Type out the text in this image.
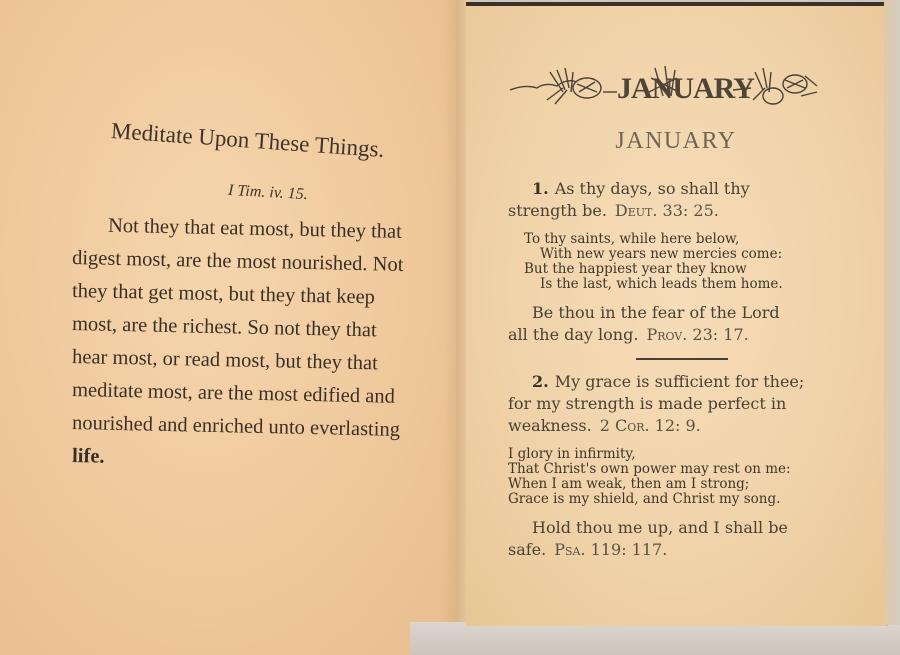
Meditate Upon These Things.
I Tim. iv. 15.
Not they that eat most, but they that
digest most, are the most nourished. Not
they that get most, but they that keep
most, are the richest. So not they that
hear most, or read most, but they that
meditate most, are the most edified and
nourished and enriched unto everlasting
life.
JANUARY
JANUARY
1. As thy days, so shall thy
strength be. Deut. 33: 25.
To thy saints, while here below,
With new years new mercies come:
But the happiest year they know
Is the last, which leads them home.
Be thou in the fear of the Lord
all the day long. Prov. 23: 17.
2. My grace is sufficient for thee;
for my strength is made perfect in
weakness. 2 Cor. 12: 9.
I glory in infirmity,
That Christ's own power may rest on me:
When I am weak, then am I strong;
Grace is my shield, and Christ my song.
Hold thou me up, and I shall be
safe. Psa. 119: 117.
